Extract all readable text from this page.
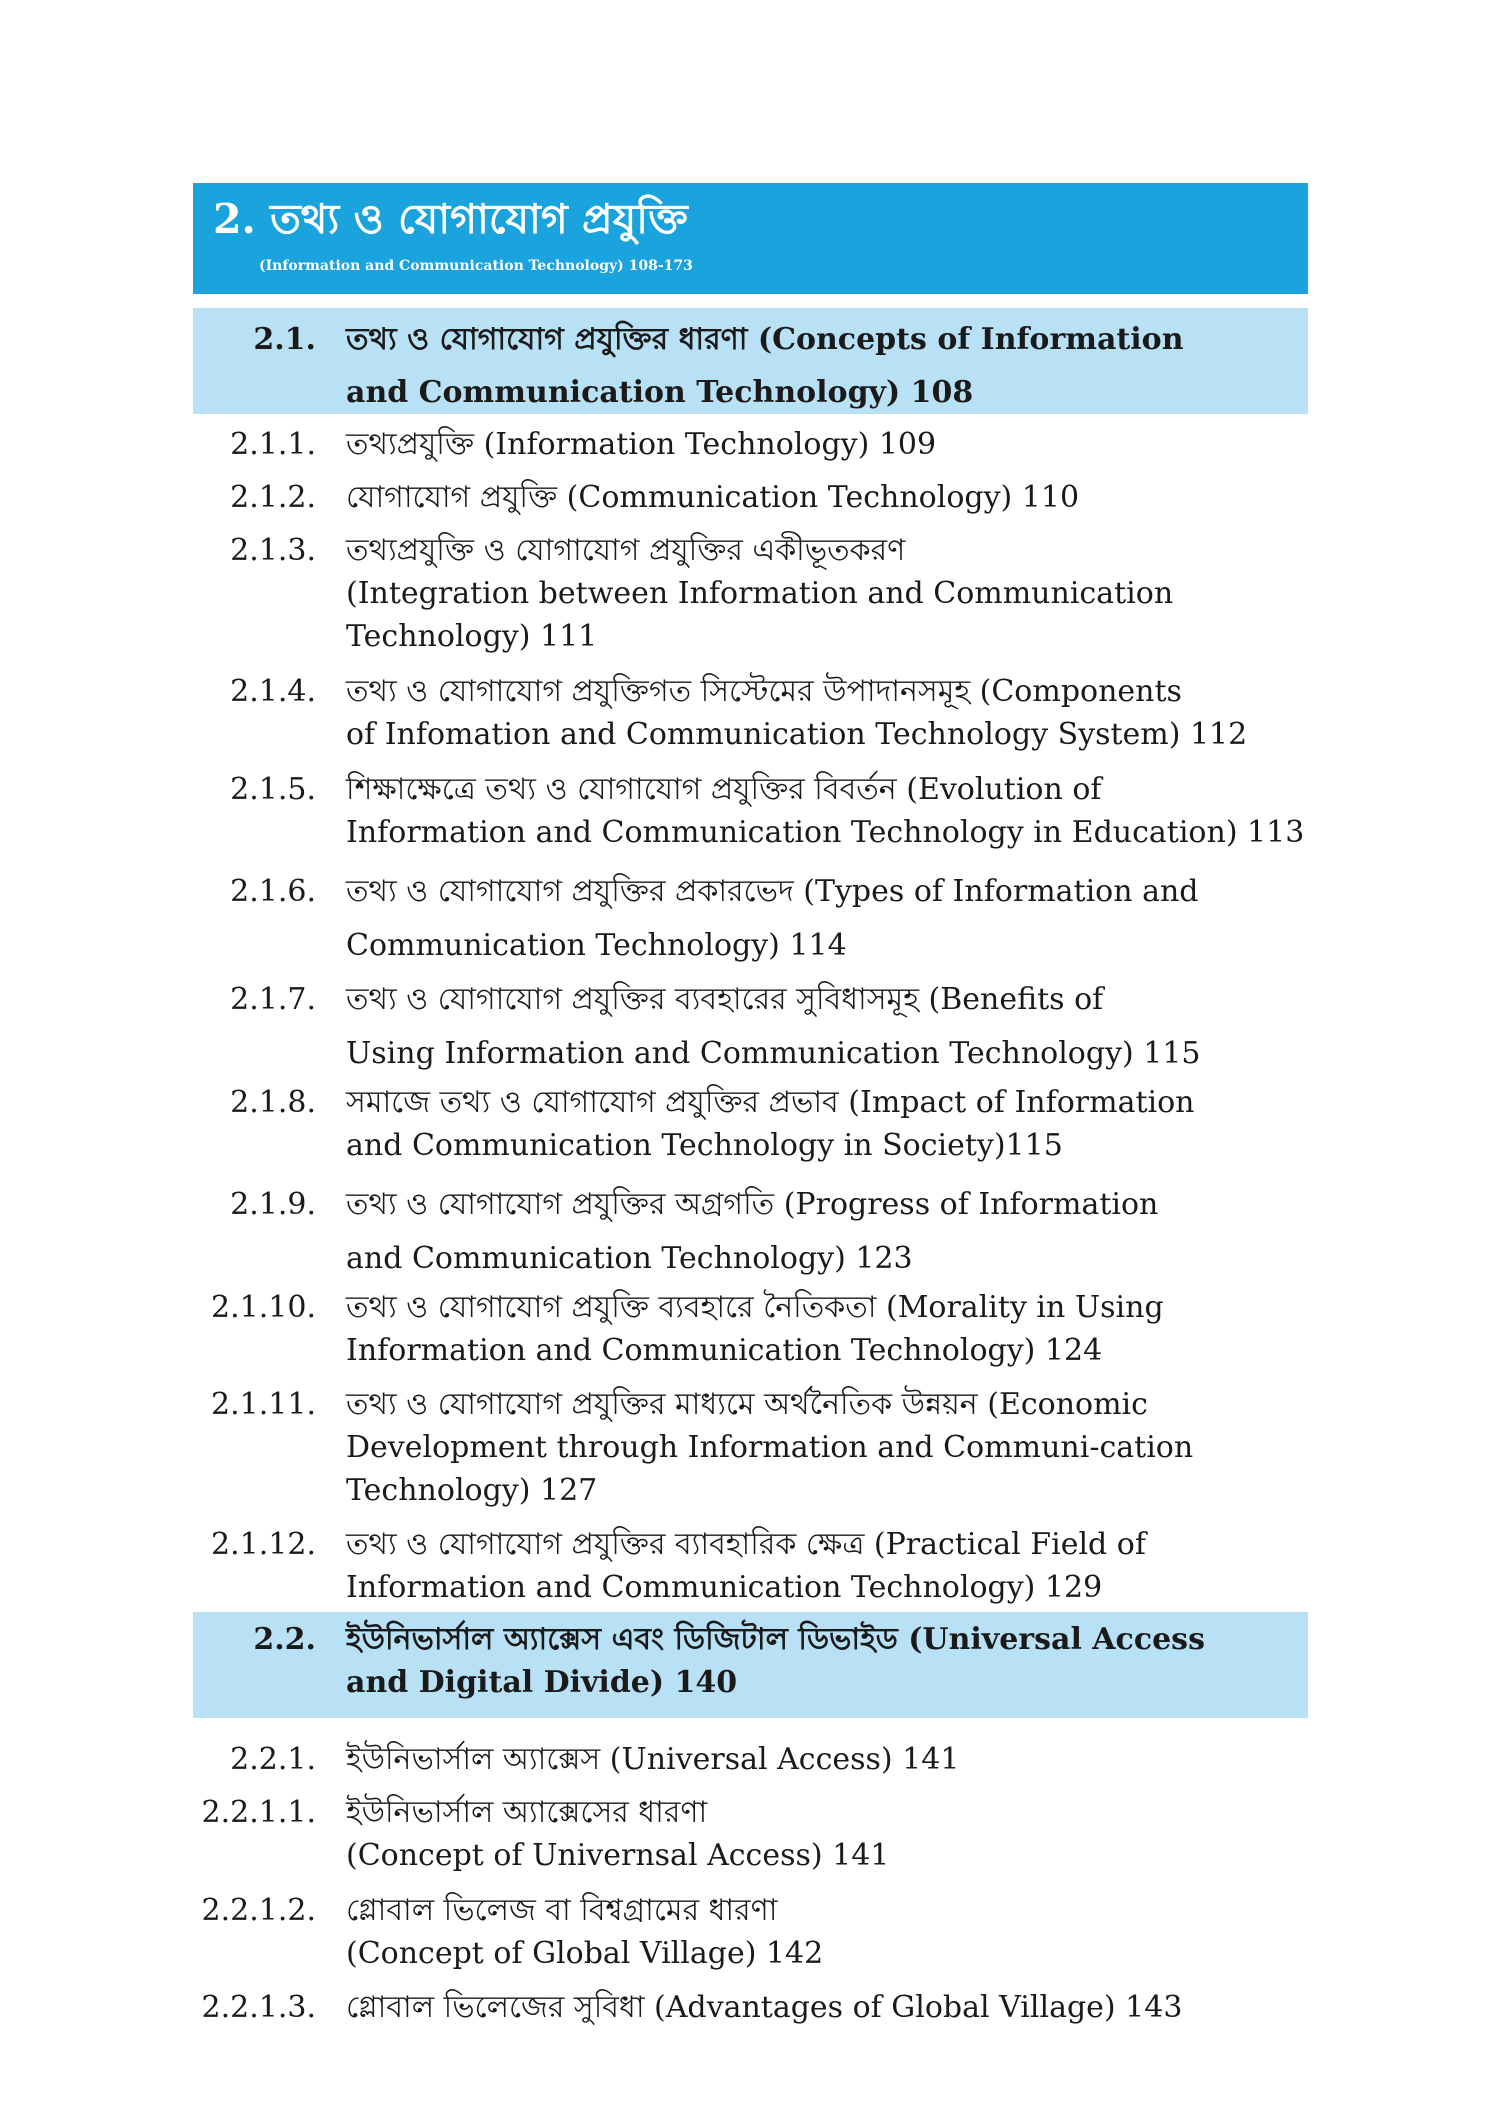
2. তথ্য ও যোগাযোগ প্রযুক্তি
(Information and Communication Technology) 108-173
2.1. তথ্য ও যোগাযোগ প্রযুক্তির ধারণা (Concepts of Information
and Communication Technology) 108
2.1.1. তথ্যপ্রযুক্তি (Information Technology) 109
2.1.2. যোগাযোগ প্রযুক্তি (Communication Technology) 110
2.1.3. তথ্যপ্রযুক্তি ও যোগাযোগ প্রযুক্তির একীভূতকরণ
(Integration between Information and Communication
Technology) 111
2.1.4. তথ্য ও যোগাযোগ প্রযুক্তিগত সিস্টেমের উপাদানসমূহ (Components
of Infomation and Communication Technology System) 112
2.1.5. শিক্ষাক্ষেত্রে তথ্য ও যোগাযোগ প্রযুক্তির বিবর্তন (Evolution of
Information and Communication Technology in Education) 113
2.1.6. তথ্য ও যোগাযোগ প্রযুক্তির প্রকারভেদ (Types of Information and
Communication Technology) 114
2.1.7. তথ্য ও যোগাযোগ প্রযুক্তির ব্যবহারের সুবিধাসমূহ (Benefits of
Using Information and Communication Technology) 115
2.1.8. সমাজে তথ্য ও যোগাযোগ প্রযুক্তির প্রভাব (Impact of Information
and Communication Technology in Society)115
2.1.9. তথ্য ও যোগাযোগ প্রযুক্তির অগ্রগতি (Progress of Information
and Communication Technology) 123
2.1.10. তথ্য ও যোগাযোগ প্রযুক্তি ব্যবহারে নৈতিকতা (Morality in Using
Information and Communication Technology) 124
2.1.11. তথ্য ও যোগাযোগ প্রযুক্তির মাধ্যমে অর্থনৈতিক উন্নয়ন (Economic
Development through Information and Communi-cation
Technology) 127
2.1.12. তথ্য ও যোগাযোগ প্রযুক্তির ব্যাবহারিক ক্ষেত্র (Practical Field of
Information and Communication Technology) 129
2.2. ইউনিভার্সাল অ্যাক্সেস এবং ডিজিটাল ডিভাইড (Universal Access
and Digital Divide) 140
2.2.1. ইউনিভার্সাল অ্যাক্সেস (Universal Access) 141
2.2.1.1. ইউনিভার্সাল অ্যাক্সেসের ধারণা
(Concept of Univernsal Access) 141
2.2.1.2. গ্লোবাল ভিলেজ বা বিশ্বগ্রামের ধারণা
(Concept of Global Village) 142
2.2.1.3. গ্লোবাল ভিলেজের সুবিধা (Advantages of Global Village) 143
